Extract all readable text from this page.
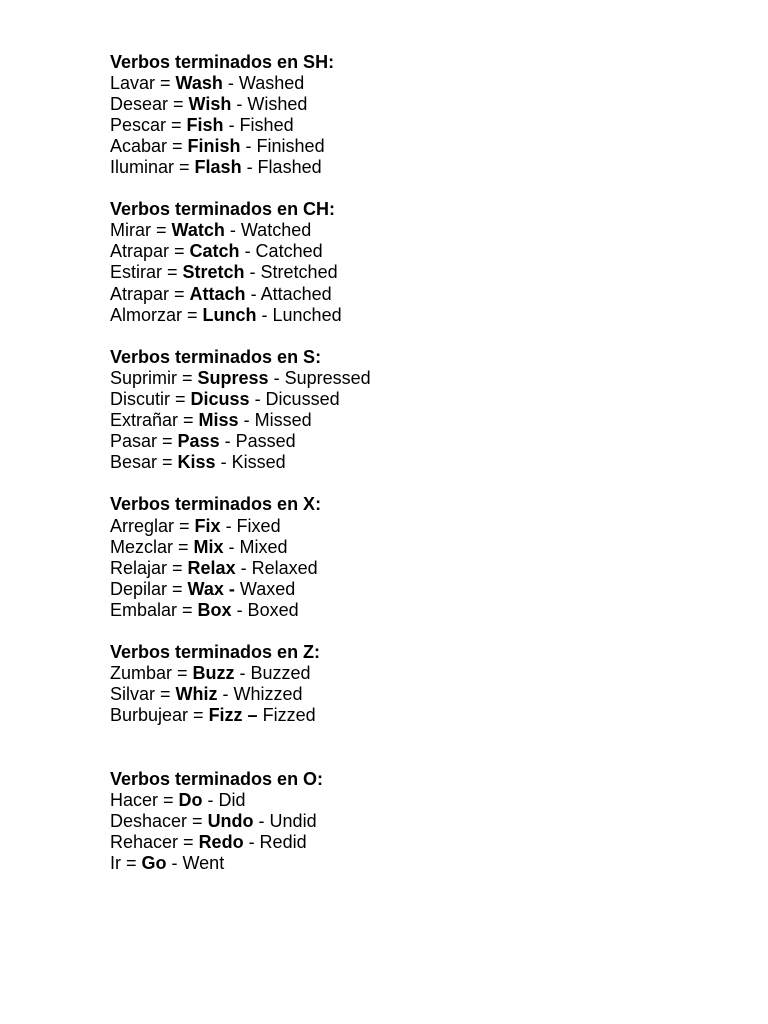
Verbos terminados en SH:
Lavar = Wash - Washed
Desear = Wish - Wished
Pescar = Fish - Fished
Acabar = Finish - Finished
Iluminar = Flash - Flashed
Verbos terminados en CH:
Mirar = Watch - Watched
Atrapar = Catch - Catched
Estirar = Stretch - Stretched
Atrapar = Attach - Attached
Almorzar = Lunch - Lunched
Verbos terminados en S:
Suprimir = Supress - Supressed
Discutir = Dicuss - Dicussed
Extrañar = Miss - Missed
Pasar = Pass - Passed
Besar = Kiss - Kissed
Verbos terminados en X:
Arreglar = Fix - Fixed
Mezclar = Mix - Mixed
Relajar = Relax - Relaxed
Depilar = Wax - Waxed
Embalar = Box - Boxed
Verbos terminados en Z:
Zumbar = Buzz - Buzzed
Silvar = Whiz - Whizzed
Burbujear = Fizz – Fizzed
Verbos terminados en O:
Hacer = Do - Did
Deshacer = Undo - Undid
Rehacer = Redo - Redid
Ir = Go - Went
